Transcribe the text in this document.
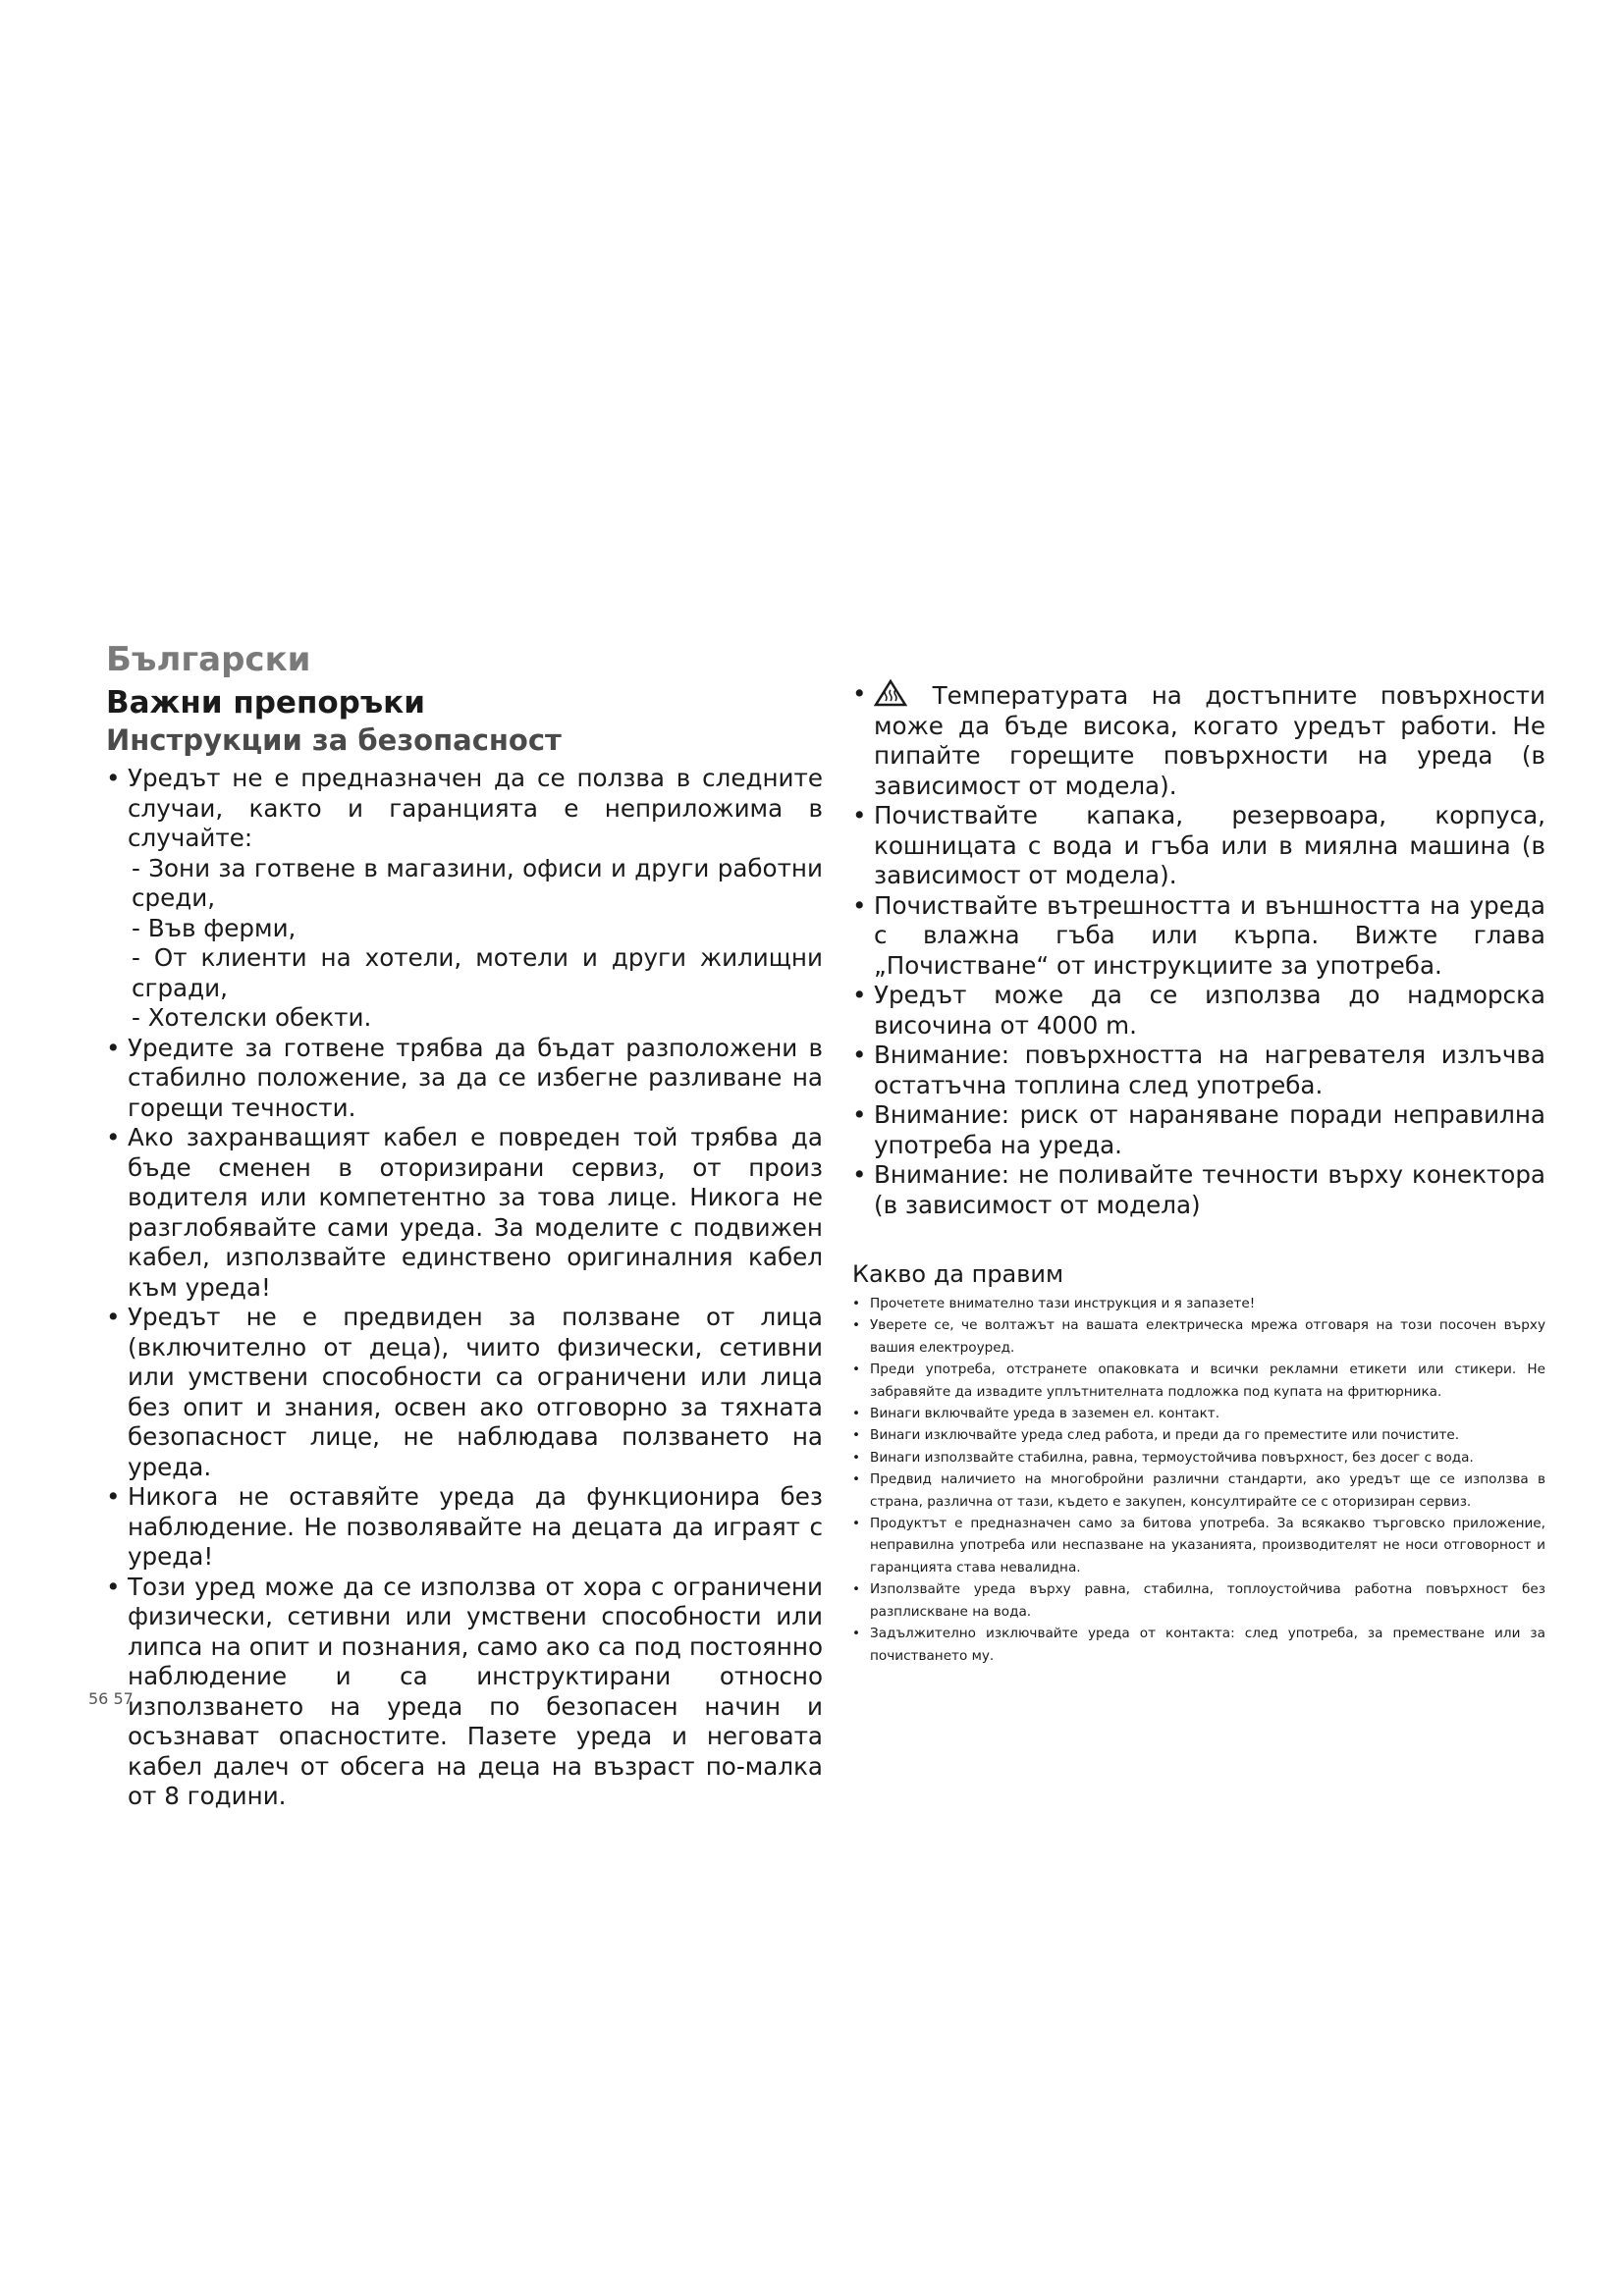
Български
Важни препоръки
Инструкции за безопасност

• Уредът не е предназначен да се ползва в следните случаи, както и гаранцията е неприложима в случайте:

- Зони за готвене в магазини, офиси и други работни среди,

- Във ферми,

- От клиенти на хотели, мотели и други жилищни сгради,

- Хотелски обекти.

• Уредите за готвене трябва да бъдат разположени в стабилно положение, за да се избегне разливане на горещи течности.

• Ако захранващият кабел е повреден той трябва да бъде сменен в оторизирани сервиз, от произ водителя или компетентно за това лице. Никога не разглобявайте сами уреда. За моделите с подвижен кабел, използвайте единствено оригиналния кабел към уреда!

• Уредът не е предвиден за ползване от лица (включително от деца), чиито физически, сетивни или умствени способности са ограничени или лица без опит и знания, освен ако отговорно за тяхната безопасност лице, не наблюдава ползването на уреда.

• Никога не оставяйте уреда да функционира без наблюдение. Не позволявайте на децата да играят с уреда!

• Този уред може да се използва от хора с ограничени физически, сетивни или умствени способности или липса на опит и познания, само ако са под постоянно наблюдение и са инструктирани относно използването на уреда по безопасен начин и осъзнават опасностите. Пазете уреда и неговата кабел далеч от обсега на деца на възраст по-малка от 8 години.

•	Температурата на достъпните повърхности може да бъде висока, когато уредът работи. Не пипайте горещите повърхности на уреда (в зависимост от модела).

• Почиствайте капака, резервоара, корпуса, кошницата с вода и гъба или в миялна машина (в зависимост от модела).

• Почиствайте вътрешността и външността на уреда с влажна гъба или кърпа. Вижте глава „Почистване“ от инструкциите за употреба.

• Уредът може да се използва до надморска височина от 4000 m.

• Внимание: повърхността на нагревателя излъчва остатъчна топлина след употреба.

• Внимание: риск от нараняване поради неправилна употреба на уреда.

• Внимание: не поливайте течности върху конектора (в зависимост от модела)

Какво да правим

• Прочетете внимателно тази инструкция и я запазете!

• Уверете се, че волтажът на вашата електрическа мрежа отговаря на този посочен върху вашия електроуред.

• Преди употреба, отстранете опаковката и всички рекламни етикети или стикери. Не забравяйте да извадите уплътнителната подложка под купата на фритюрника.

• Винаги включвайте уреда в заземен ел. контакт.

• Винаги изключвайте уреда след работа, и преди да го преместите или почистите.

• Винаги използвайте стабилна, равна, термоустойчива повърхност, без досег с вода.

• Предвид наличието на многобройни различни стандарти, ако уредът ще се използва в страна, различна от тази, където е закупен, консултирайте се с оторизиран сервиз.

• Продуктът е предназначен само за битова употреба. За всякакво търговско приложение, неправилна употреба или неспазване на указанията, производителят не носи отговорност и гаранцията става невалидна.

• Използвайте уреда върху равна, стабилна, топлоустойчива работна повърхност без разплискване на вода.

• Задължително изключвайте уреда от контакта: след употреба, за преместване или за почистването му.

56 57
